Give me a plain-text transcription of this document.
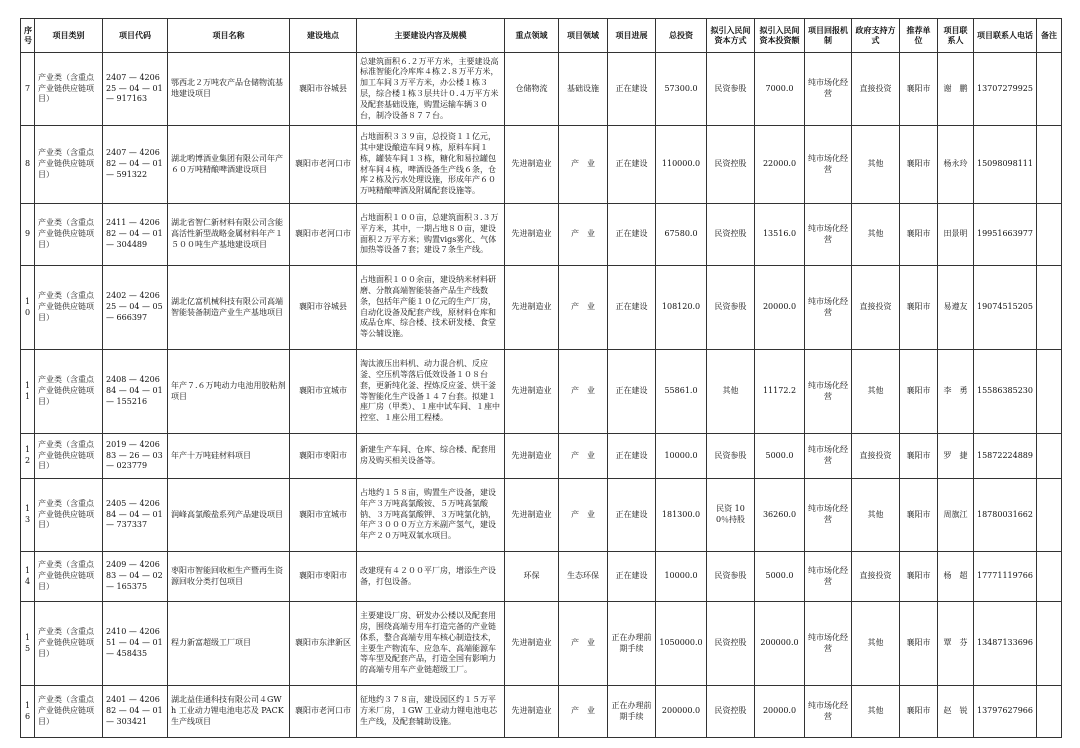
序号	项目类别	项目代码	项目名称	建设地点	主要建设内容及规模	重点领域	项目领域	项目进展	总投资	拟引入民间资本方式	拟引入民间资本投资额	项目回报机制	政府支持方式	推荐单位	项目联系人	项目联系人电话	备注
7	产业类（含重点产业链供应链项目）	2407 — 420625 — 04 — 01 — 917163	鄂西北２万吨农产品仓储物流基地建设项目	襄阳市谷城县	总建筑面积６.２万平方米，主要建设高标准智能化冷库库４栋２.８万平方米，加工车间３万平方米，办公楼１栋３层，综合楼１栋３层共计０.４万平方米及配套基础设施，购置运输车辆３０台，制冷设备８７７台。	仓储物流	基础设施	正在建设	57300.0	民资参股	7000.0	纯市场化经营	直接投资	襄阳市	谢　鹏	13707279925	
8	产业类（含重点产业链供应链项目）	2407 — 420682 — 04 — 01 — 591322	湖北哟博酒业集团有限公司年产６０万吨精酿啤酒建设项目	襄阳市老河口市	占地面积３３９亩，总投资１１亿元，其中建设酿造车间９栋，原料车间１栋，罐装车间１３栋，糖化和易拉罐包材车间４栋，啤酒设备生产线６条，仓库２栋及污水处理设施，形成年产６０万吨精酿啤酒及附属配套设施等。	先进制造业	产　业	正在建设	110000.0	民资控股	22000.0	纯市场化经营	其他	襄阳市	杨永玲	15098098111	
9	产业类（含重点产业链供应链项目）	2411 — 420682 — 04 — 01 — 304489	湖北省智仁新材料有限公司含能高活性新型战略金属材料年产１５００吨生产基地建设项目	襄阳市老河口市	占地面积１００亩，总建筑面积３.３万平方米，其中，一期占地８０亩，建设面积２万平方米；购置vigs雾化、气体加热等设备７套；建设７条生产线。	先进制造业	产　业	正在建设	67580.0	民资控股	13516.0	纯市场化经营	其他	襄阳市	田景明	19951663977	
10	产业类（含重点产业链供应链项目）	2402 — 420625 — 04 — 05 — 666397	湖北亿富机械科技有限公司高端智能装备制造产业生产基地项目	襄阳市谷城县	占地面积１００余亩，建设纳米材料研磨、分散高端智能装备产品生产线数条，包括年产能１０亿元的生产厂房，自动化设备及配套产线，原材料仓库和成品仓库、综合楼、技术研发楼、食堂等公辅设施。	先进制造业	产　业	正在建设	108120.0	民资参股	20000.0	纯市场化经营	直接投资	襄阳市	易遵友	19074515205	
11	产业类（含重点产业链供应链项目）	2408 — 420684 — 04 — 01 — 155216	年产７.６万吨动力电池用胶粘剂项目	襄阳市宜城市	淘汰液压出料机、动力混合机、反应釜、空压机等落后低效设备１０８台套，更新纯化釜、捏炼反应釜、烘干釜等智能化生产设备１４７台套。拟建１座厂房（甲类）、１座中试车间、１座中控室、１座公用工程楼。	先进制造业	产　业	正在建设	55861.0	其他	11172.2	纯市场化经营	其他	襄阳市	李　勇	15586385230	
12	产业类（含重点产业链供应链项目）	2019 — 420683 — 26 — 03 — 023779	年产十万吨硅材料项目	襄阳市枣阳市	新建生产车间、仓库、综合楼、配套用房及购买相关设备等。	先进制造业	产　业	正在建设	10000.0	民资参股	5000.0	纯市场化经营	直接投资	襄阳市	罗　捷	15872224889	
13	产业类（含重点产业链供应链项目）	2405 — 420684 — 04 — 01 — 737337	润峰高氯酸盐系列产品建设项目	襄阳市宜城市	占地约１５８亩，购置生产设备，建设年产３万吨高氯酸铵、５万吨高氯酸钠、３万吨高氯酸钾、３万吨氯化钠，年产３０００万立方米副产氢气，建设年产２０万吨双氧水项目。	先进制造业	产　业	正在建设	181300.0	民资 100％持股	36260.0	纯市场化经营	其他	襄阳市	周旗江	18780031662	
14	产业类（含重点产业链供应链项目）	2409 — 420683 — 04 — 02 — 165375	枣阳市智能回收柜生产暨再生资源回收分类打包项目	襄阳市枣阳市	改建现有４２００平厂房，增添生产设备，打包设备。	环保	生态环保	正在建设	10000.0	民资参股	5000.0	纯市场化经营	直接投资	襄阳市	杨　超	17771119766	
15	产业类（含重点产业链供应链项目）	2410 — 420651 — 04 — 01 — 458435	程力新富超级工厂项目	襄阳市东津新区	主要建设厂房、研发办公楼以及配套用房，围绕高端专用车打造完备的产业链体系，整合高端专用车核心制造技术，主要生产物流车、应急车、高端能源车等车型及配套产品，打造全国有影响力的高端专用车产业链超级工厂。	先进制造业	产　业	正在办理前期手续	1050000.0	民资控股	200000.0	纯市场化经营	其他	襄阳市	覃　芬	13487133696	
16	产业类（含重点产业链供应链项目）	2401 — 420682 — 04 — 01 — 303421	湖北益佳通科技有限公司４GWh 工业动力锂电池电芯及 PACK 生产线项目	襄阳市老河口市	征地约３７８亩，建设园区约１５万平方米厂房，１GW 工业动力锂电池电芯生产线，及配套辅助设施。	先进制造业	产　业	正在办理前期手续	200000.0	民资控股	20000.0	纯市场化经营	其他	襄阳市	赵　锐	13797627966	
